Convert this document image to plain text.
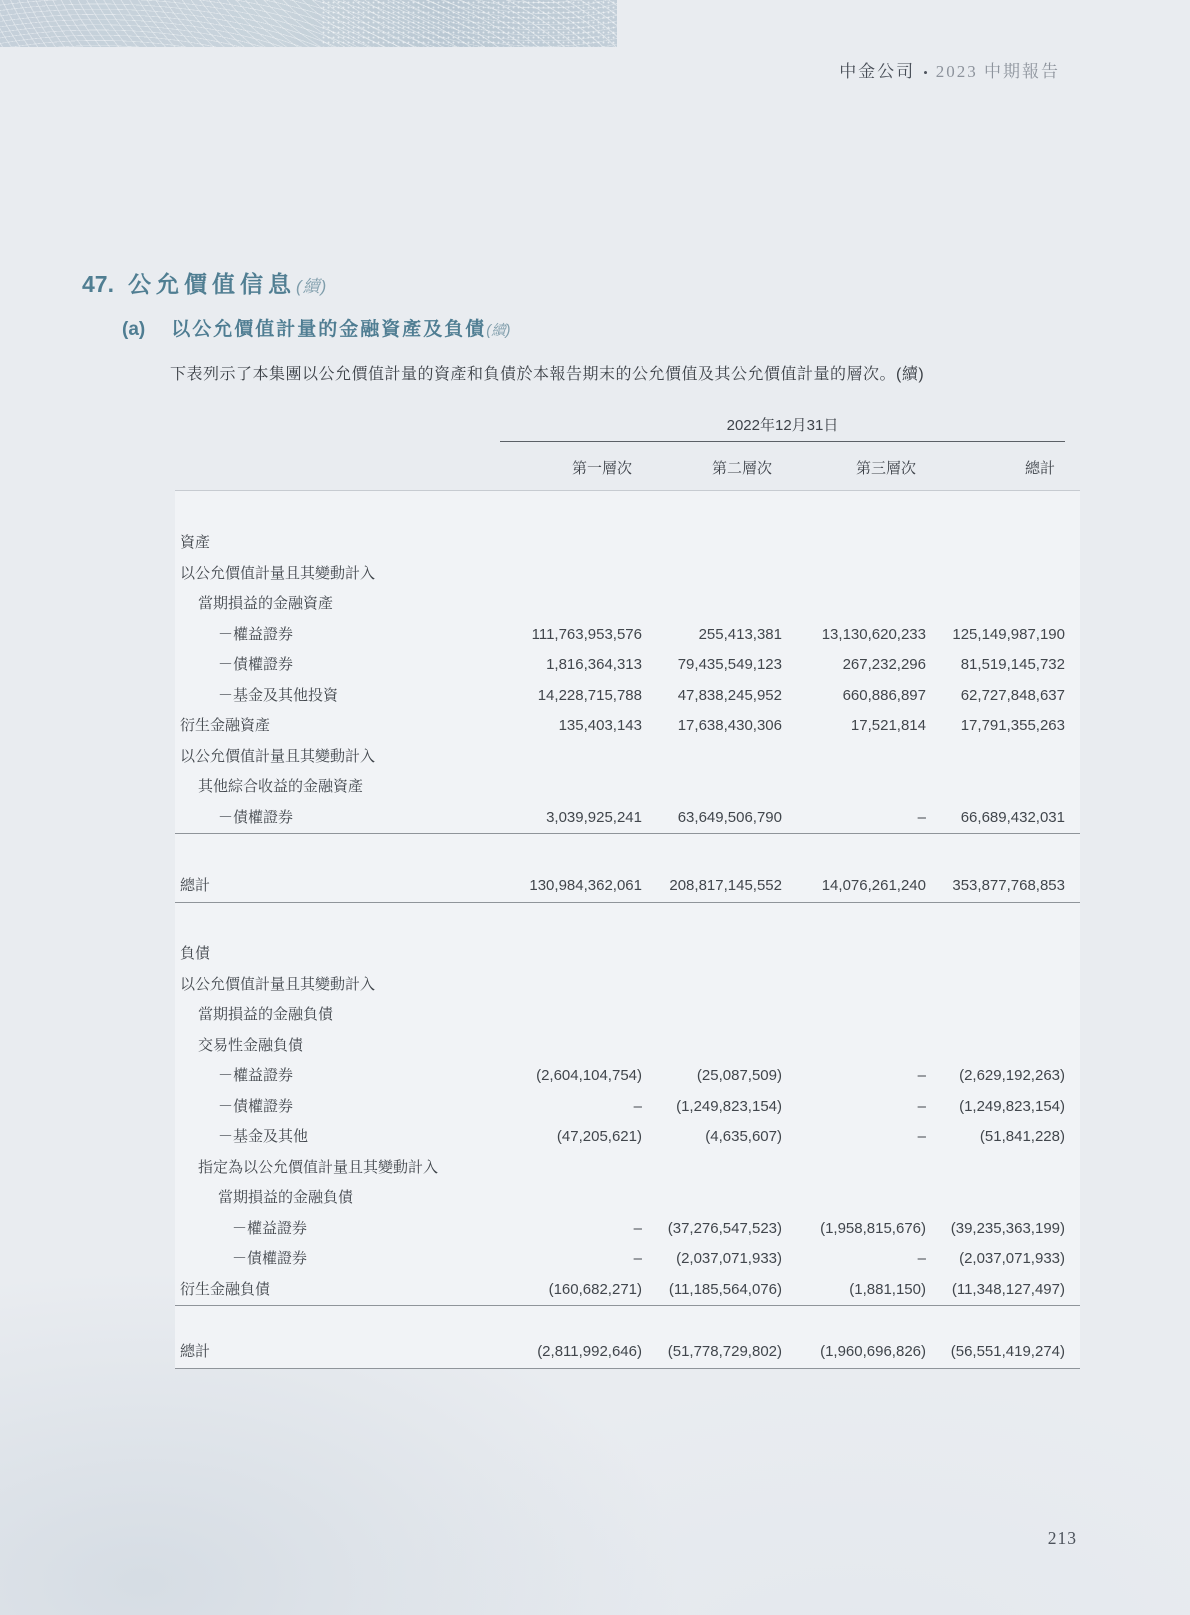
中金公司 • 2023 中期報告
47. 公允價值信息(續)
(a) 以公允價值計量的金融資產及負債(續)
下表列示了本集團以公允價值計量的資產和負債於本報告期末的公允價值及其公允價值計量的層次。(續)
2022年12月31日
第一層次	第二層次	第三層次	總計
資產
以公允價值計量且其變動計入
當期損益的金融資產
－權益證券	111,763,953,576	255,413,381	13,130,620,233	125,149,987,190
－債權證券	1,816,364,313	79,435,549,123	267,232,296	81,519,145,732
－基金及其他投資	14,228,715,788	47,838,245,952	660,886,897	62,727,848,637
衍生金融資產	135,403,143	17,638,430,306	17,521,814	17,791,355,263
以公允價值計量且其變動計入
其他綜合收益的金融資產
－債權證券	3,039,925,241	63,649,506,790	–	66,689,432,031
總計	130,984,362,061	208,817,145,552	14,076,261,240	353,877,768,853
負債
以公允價值計量且其變動計入
當期損益的金融負債
交易性金融負債
－權益證券	(2,604,104,754)	(25,087,509)	–	(2,629,192,263)
－債權證券	–	(1,249,823,154)	–	(1,249,823,154)
－基金及其他	(47,205,621)	(4,635,607)	–	(51,841,228)
指定為以公允價值計量且其變動計入
當期損益的金融負債
－權益證券	–	(37,276,547,523)	(1,958,815,676)	(39,235,363,199)
－債權證券	–	(2,037,071,933)	–	(2,037,071,933)
衍生金融負債	(160,682,271)	(11,185,564,076)	(1,881,150)	(11,348,127,497)
總計	(2,811,992,646)	(51,778,729,802)	(1,960,696,826)	(56,551,419,274)
213
